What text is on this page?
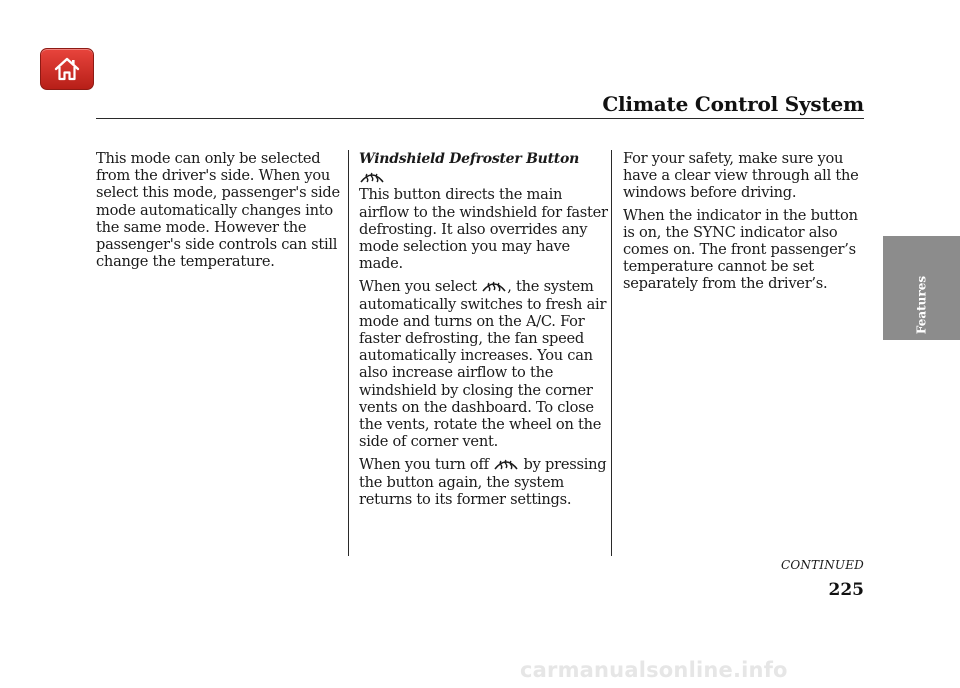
Climate Control System
Features

This mode can only be selected from the driver's side. When you select this mode, passenger's side mode automatically changes into the same mode. However the passenger's side controls can still change the temperature.

Windshield Defroster Button

This button directs the main airflow to the windshield for faster defrosting. It also overrides any mode selection you may have made.

When you select , the system automatically switches to fresh air mode and turns on the A/C. For faster defrosting, the fan speed automatically increases. You can also increase airflow to the windshield by closing the corner vents on the dashboard. To close the vents, rotate the wheel on the side of corner vent.

When you turn off  by pressing the button again, the system returns to its former settings.

For your safety, make sure you have a clear view through all the windows before driving.

When the indicator in the button is on, the SYNC indicator also comes on. The front passenger’s temperature cannot be set separately from the driver’s.

CONTINUED

225

carmanualsonline.info
